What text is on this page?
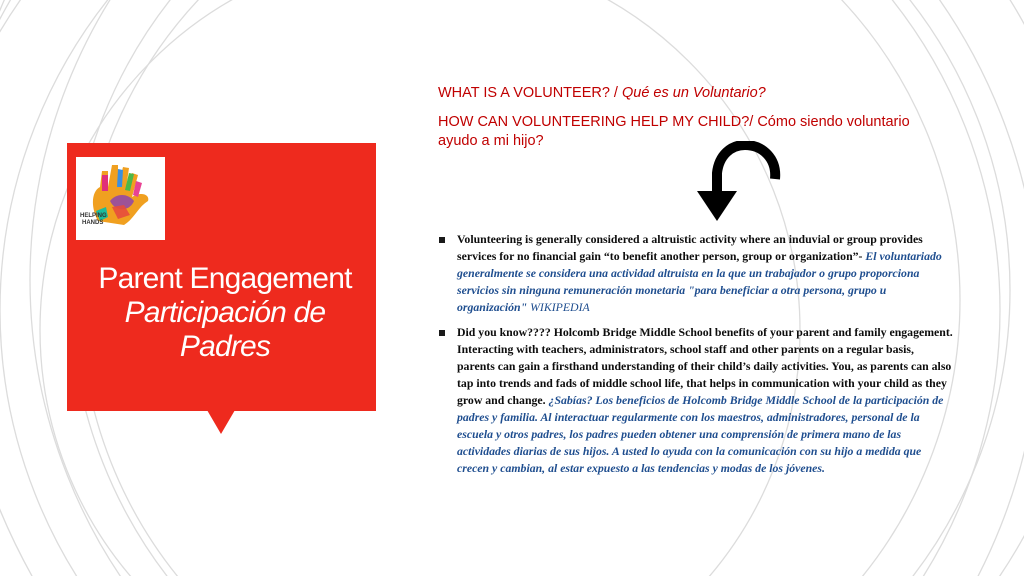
HELPING
HANDS
Parent Engagement
Participación de Padres
WHAT IS A VOLUNTEER? / Qué es un Voluntario?
HOW CAN VOLUNTEERING HELP MY CHILD?/ Cómo siendo voluntario ayudo a mi hijo?
Volunteering is generally considered a altruistic activity where an induvial or group provides services for no financial gain “to benefit another person, group or organization”- El voluntariado generalmente se considera una actividad altruista en la que un trabajador o grupo proporciona servicios sin ninguna remuneración monetaria "para beneficiar a otra persona, grupo u organización" WIKIPEDIA
Did you know???? Holcomb Bridge Middle School benefits of your parent and family engagement. Interacting with teachers, administrators, school staff and other parents on a regular basis, parents can gain a firsthand understanding of their child’s daily activities. You, as parents can also tap into trends and fads of middle school life, that helps in communication with your child as they grow and change. ¿Sabías? Los beneficios de Holcomb Bridge Middle School de la participación de padres y familia. Al interactuar regularmente con los maestros, administradores, personal de la escuela y otros padres, los padres pueden obtener una comprensión de primera mano de las actividades diarias de sus hijos. A usted lo ayuda con la comunicación con su hijo a medida que crecen y cambian, al estar expuesto a las tendencias y modas de los jóvenes.
